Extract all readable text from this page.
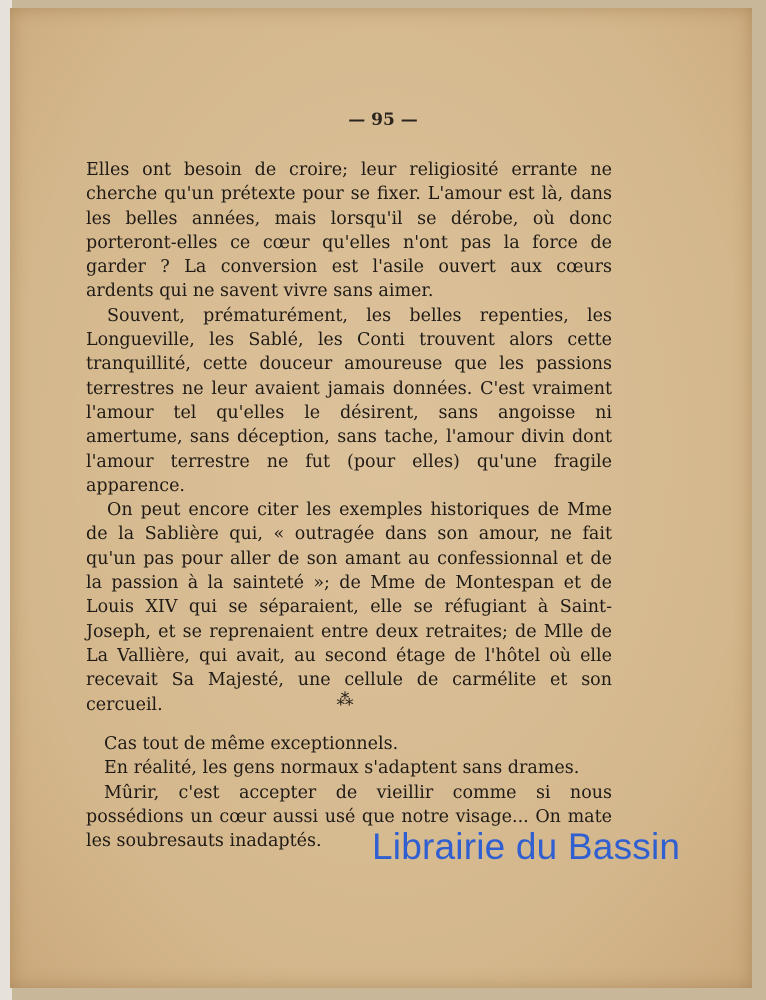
— 95 —

Elles ont besoin de croire; leur religiosité errante ne cherche qu'un prétexte pour se fixer. L'amour est là, dans les belles années, mais lorsqu'il se dérobe, où donc porteront-elles ce cœur qu'elles n'ont pas la force de garder ? La conversion est l'asile ouvert aux cœurs ardents qui ne savent vivre sans aimer.

Souvent, prématurément, les belles repenties, les Longueville, les Sablé, les Conti trouvent alors cette tranquillité, cette douceur amoureuse que les passions terrestres ne leur avaient jamais données. C'est vraiment l'amour tel qu'elles le désirent, sans angoisse ni amertume, sans déception, sans tache, l'amour divin dont l'amour terrestre ne fut (pour elles) qu'une fragile apparence.

On peut encore citer les exemples historiques de Mme de la Sablière qui, « outragée dans son amour, ne fait qu'un pas pour aller de son amant au confessionnal et de la passion à la sainteté »; de Mme de Montespan et de Louis XIV qui se séparaient, elle se réfugiant à Saint-Joseph, et se reprenaient entre deux retraites; de Mlle de La Vallière, qui avait, au second étage de l'hôtel où elle recevait Sa Majesté, une cellule de carmélite et son cercueil.	⁂

Cas tout de même exceptionnels.

En réalité, les gens normaux s'adaptent sans drames.

Mûrir, c'est accepter de vieillir comme si nous possédions un cœur aussi usé que notre visage... On mate les soubresauts inadaptés.	Librairie du Bassin
